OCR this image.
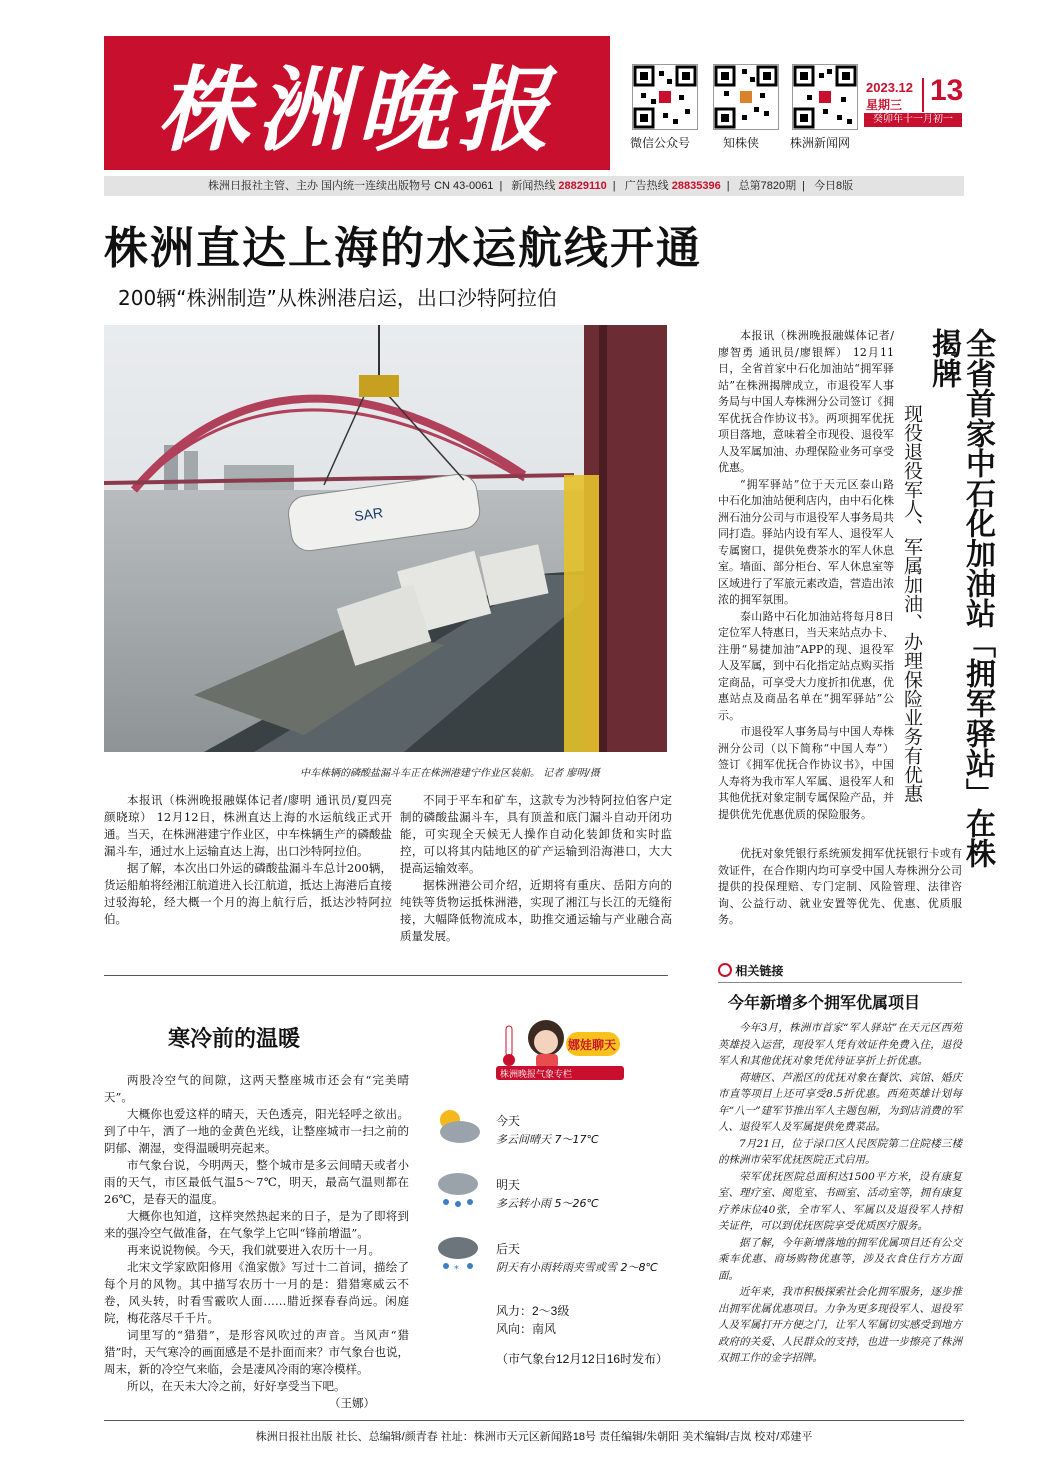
株洲晚报	微信公众号	知株侠	株洲新闻网
2023.12 13
星期三
癸卯年十一月初一
株洲日报社主管、主办 国内统一连续出版物号 CN 43-0061 | 新闻热线 28829110 | 广告热线 28835396 | 总第7820期 | 今日8版
株洲直达上海的水运航线开通
200辆“株洲制造”从株洲港启运，出口沙特阿拉伯
SAR
中车株辆的磷酸盐漏斗车正在株洲港建宁作业区装船。 记者 廖明/摄

本报讯（株洲晚报融媒体记者/廖明 通讯员/夏四亮 颜晓琼） 12月12日，株洲直达上海的水运航线正式开通。当天，在株洲港建宁作业区，中车株辆生产的磷酸盐漏斗车，通过水上运输直达上海，出口沙特阿拉伯。

据了解，本次出口外运的磷酸盐漏斗车总计200辆，货运船舶将经湘江航道进入长江航道，抵达上海港后直接过驳海轮，经大概一个月的海上航行后，抵达沙特阿拉伯。

不同于平车和矿车，这款专为沙特阿拉伯客户定制的磷酸盐漏斗车，具有顶盖和底门漏斗自动开闭功能，可实现全天候无人操作自动化装卸货和实时监控，可以将其内陆地区的矿产运输到沿海港口，大大提高运输效率。

据株洲港公司介绍，近期将有重庆、岳阳方向的纯铁等货物运抵株洲港，实现了湘江与长江的无缝衔接，大幅降低物流成本，助推交通运输与产业融合高质量发展。

全省首家中石化加油站「拥军驿站」在株揭牌
现役退役军人、军属加油、办理保险业务有优惠

本报讯（株洲晚报融媒体记者/廖智勇 通讯员/廖银辉） 12月11日，全省首家中石化加油站“拥军驿站”在株洲揭牌成立，市退役军人事务局与中国人寿株洲分公司签订《拥军优抚合作协议书》。两项拥军优抚项目落地，意味着全市现役、退役军人及军属加油、办理保险业务可享受优惠。

“拥军驿站”位于天元区泰山路中石化加油站便利店内，由中石化株洲石油分公司与市退役军人事务局共同打造。驿站内设有军人、退役军人专属窗口，提供免费茶水的军人休息室。墙面、部分柜台、军人休息室等区域进行了军旅元素改造，营造出浓浓的拥军氛围。

泰山路中石化加油站将每月8日定位军人特惠日，当天来站点办卡、注册“易捷加油”APP的现、退役军人及军属，到中石化指定站点购买指定商品，可享受大力度折扣优惠，优惠站点及商品名单在“拥军驿站”公示。

市退役军人事务局与中国人寿株洲分公司（以下简称“中国人寿”）签订《拥军优抚合作协议书》，中国人寿将为我市军人军属、退役军人和其他优抚对象定制专属保险产品，并提供优先优惠优质的保险服务。

优抚对象凭银行系统颁发拥军优抚银行卡或有效证件，在合作期内均可享受中国人寿株洲分公司提供的投保理赔、专门定制、风险管理、法律咨询、公益行动、就业安置等优先、优惠、优质服务。

相关链接
今年新增多个拥军优属项目

今年3月，株洲市首家“军人驿站”在天元区西苑英雄投入运营，现役军人凭有效证件免费入住，退役军人和其他优抚对象凭优待证享折上折优惠。

荷塘区、芦淞区的优抚对象在餐饮、宾馆、婚庆市直等项目上还可享受8.5折优惠。西苑英雄计划每年“八一”建军节推出军人主题包厢，为到店消费的军人、退役军人及军属提供免费菜品。

7月21日，位于渌口区人民医院第二住院楼三楼的株洲市荣军优抚医院正式启用。

荣军优抚医院总面积达1500平方米，设有康复室、理疗室、阅览室、书画室、活动室等，拥有康复疗养床位40张，全市军人、军属以及退役军人持相关证件，可以到优抚医院享受优质医疗服务。

据了解，今年新增落地的拥军优属项目还有公交乘车优惠、商场购物优惠等，涉及衣食住行方方面面。

近年来，我市积极探索社会化拥军服务，逐步推出拥军优属优惠项目。力争为更多现役军人、退役军人及军属打开方便之门，让军人军属切实感受到地方政府的关爱、人民群众的支持，也进一步擦亮了株洲双拥工作的金字招牌。

寒冷前的温暖	娜娃聊天
株洲晚报气象专栏

两股冷空气的间隙，这两天整座城市还会有“完美晴天”。

大概你也爱这样的晴天，天色透亮，阳光轻呼之欲出。到了中午，洒了一地的金黄色光线，让整座城市一扫之前的阴郁、潮湿，变得温暖明亮起来。

市气象台说，今明两天，整个城市是多云间晴天或者小雨的天气，市区最低气温5～7℃，明天，最高气温则都在26℃，是春天的温度。

大概你也知道，这样突然热起来的日子，是为了即将到来的强冷空气做准备，在气象学上它叫“锋前增温”。

再来说说物候。今天，我们就要进入农历十一月。

北宋文学家欧阳修用《渔家傲》写过十二首词，描绘了每个月的风物。其中描写农历十一月的是：猎猎寒威云不卷，风头转，时看雪霰吹人面……腊近探春春尚远。闲庭院，梅花落尽千千片。

词里写的“猎猎”，是形容风吹过的声音。当风声“猎猎”时，天气寒冷的画面感是不是扑面而来？市气象台也说，周末，新的冷空气来临，会是凄风冷雨的寒冷模样。

所以，在天未大冷之前，好好享受当下吧。

（王娜）
今天
多云间晴天 7～17℃
明天
多云转小雨 5～26℃
*
后天
阴天有小雨转雨夹雪或雪 2～8℃
风力：2～3级
风向：南风
（市气象台12月12日16时发布）
株洲日报社出版 社长、总编辑/颜青春 社址：株洲市天元区新闻路18号 责任编辑/朱朝阳 美术编辑/吉岚 校对/邓建平
